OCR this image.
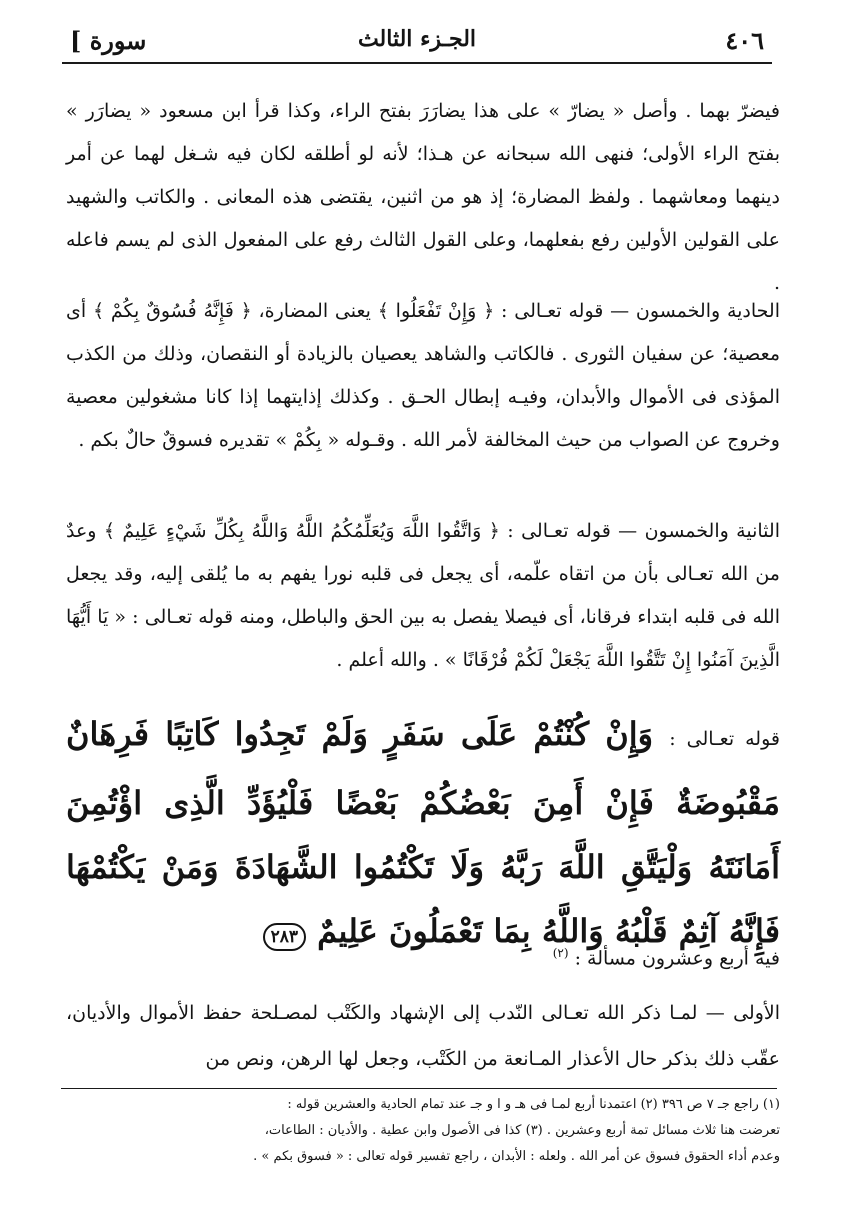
٤٠٦
الجـزء الثالث
سورة ]

فيضرّ بهما . وأصل « يضارّ » على هذا يضارَرَ بفتح الراء، وكذا قرأ ابن مسعود « يضارَر » بفتح الراء الأولى؛ فنهى الله سبحانه عن هـذا؛ لأنه لو أطلقه لكان فيه شـغل لهما عن أمر دينهما ومعاشهما . ولفظ المضارة؛ إذ هو من اثنين، يقتضى هذه المعانى . والكاتب والشهيد على القولين الأولين رفع بفعلهما، وعلى القول الثالث رفع على المفعول الذى لم يسم فاعله .

الحادية والخمسون — قوله تعـالى : ﴿ وَإِنْ تَفْعَلُوا ﴾ يعنى المضارة، ﴿ فَإِنَّهُ فُسُوقٌ بِكُمْ ﴾ أى معصية؛ عن سفيان الثورى . فالكاتب والشاهد يعصيان بالزيادة أو النقصان، وذلك من الكذب المؤذى فى الأموال والأبدان، وفيـه إبطال الحـق . وكذلك إذايتهما إذا كانا مشغولين معصية وخروج عن الصواب من حيث المخالفة لأمر الله . وقـوله « بِكُمْ » تقديره فسوقٌ حالٌ بكم .

الثانية والخمسون — قوله تعـالى : ﴿ وَاتَّقُوا اللَّهَ وَيُعَلِّمُكُمُ اللَّهُ وَاللَّهُ بِكُلِّ شَيْءٍ عَلِيمٌ ﴾ وعدٌ من الله تعـالى بأن من اتقاه علّمه، أى يجعل فى قلبه نورا يفهم به ما يُلقى إليه، وقد يجعل الله فى قلبه ابتداء فرقانا، أى فيصلا يفصل به بين الحق والباطل، ومنه قوله تعـالى : « يَا أَيُّهَا الَّذِينَ آمَنُوا إِنْ تَتَّقُوا اللَّهَ يَجْعَلْ لَكُمْ فُرْقَانًا » . والله أعلم .

قوله تعـالى : وَإِنْ كُنْتُمْ عَلَى سَفَرٍ وَلَمْ تَجِدُوا كَاتِبًا فَرِهَانٌ مَقْبُوضَةٌ فَإِنْ أَمِنَ بَعْضُكُمْ بَعْضًا فَلْيُؤَدِّ الَّذِى اؤْتُمِنَ أَمَانَتَهُ وَلْيَتَّقِ اللَّهَ رَبَّهُ وَلَا تَكْتُمُوا الشَّهَادَةَ وَمَنْ يَكْتُمْهَا فَإِنَّهُ آثِمٌ قَلْبُهُ وَاللَّهُ بِمَا تَعْمَلُونَ عَلِيمٌ ٢٨٣
فيه أربع وعشرون مسألة : $^{(٢)}$

الأولى — لمـا ذكر الله تعـالى النّدب إلى الإشهاد والكَتْب لمصـلحة حفظ الأموال والأديان، عقّب ذلك بذكر حال الأعذار المـانعة من الكَتْب، وجعل لها الرهن، ونص من

(١) راجع جـ ٧ ص ٣٩٦ (٢) اعتمدنا أربع لمـا فى هـ و ا و جـ عند تمام الحادية والعشرين قوله :

تعرضت هنا ثلاث مسائل تمة أربع وعشرين . (٣) كذا فى الأصول وابن عطية . والأديان : الطاعات،

وعدم أداء الحقوق فسوق عن أمر الله . ولعله : الأبدان ، راجع تفسير قوله تعالى : « فسوق بكم » .
